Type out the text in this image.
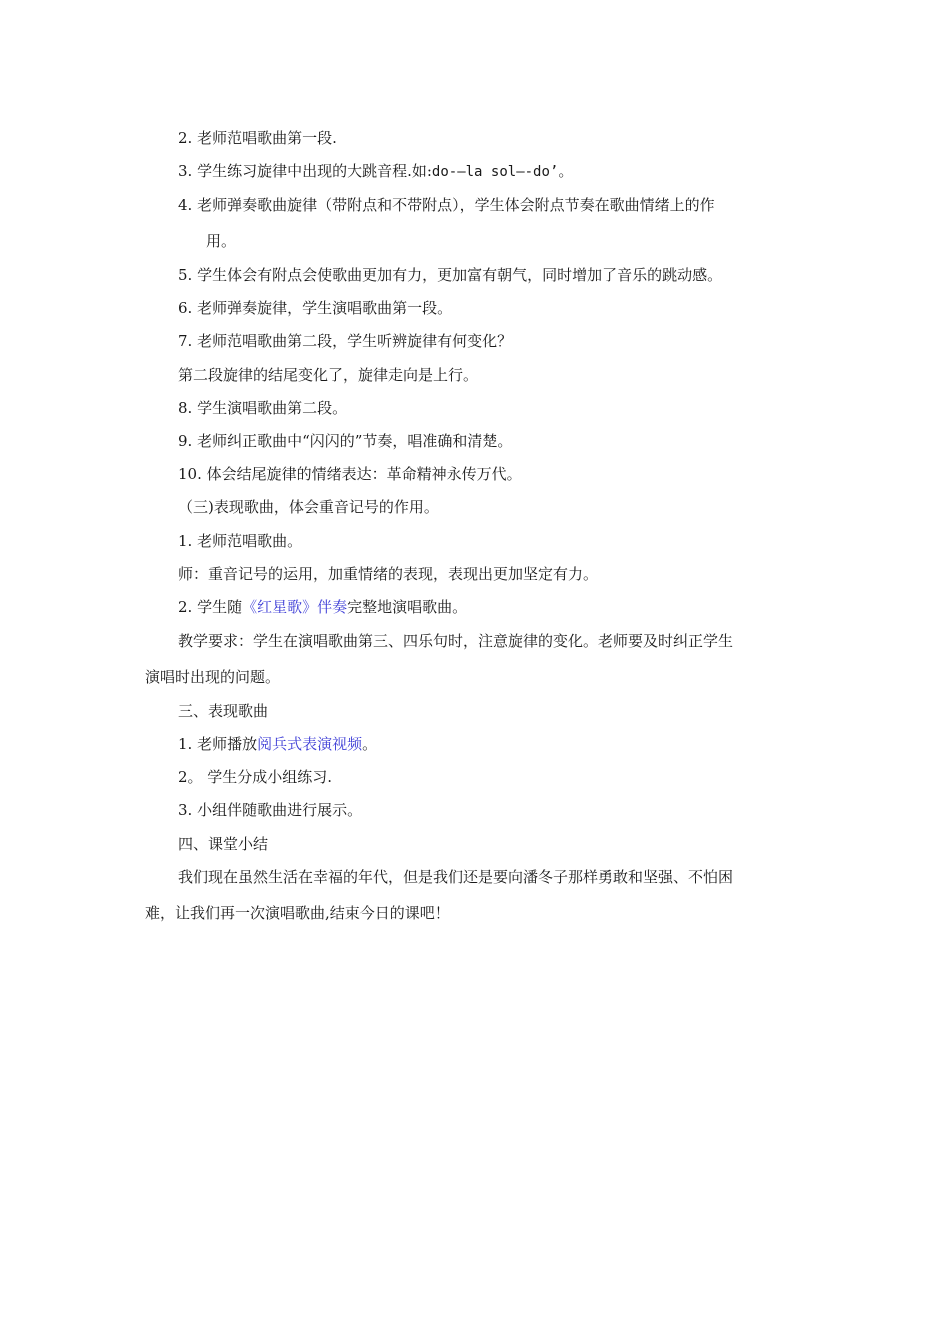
2. 老师范唱歌曲第一段.
3. 学生练习旋律中出现的大跳音程.如:do-—la sol—-do’。
4. 老师弹奏歌曲旋律（带附点和不带附点），学生体会附点节奏在歌曲情绪上的作
用。
5. 学生体会有附点会使歌曲更加有力，更加富有朝气，同时增加了音乐的跳动感。
6. 老师弹奏旋律，学生演唱歌曲第一段。
7. 老师范唱歌曲第二段，学生听辨旋律有何变化？
第二段旋律的结尾变化了，旋律走向是上行。
8. 学生演唱歌曲第二段。
9. 老师纠正歌曲中“闪闪的”节奏，唱准确和清楚。
10. 体会结尾旋律的情绪表达：革命精神永传万代。
（三)表现歌曲，体会重音记号的作用。
1. 老师范唱歌曲。
师：重音记号的运用，加重情绪的表现，表现出更加坚定有力。
2. 学生随《红星歌》伴奏完整地演唱歌曲。
教学要求：学生在演唱歌曲第三、四乐句时，注意旋律的变化。老师要及时纠正学生
演唱时出现的问题。
三、表现歌曲
1. 老师播放阅兵式表演视频。
2。 学生分成小组练习.
3. 小组伴随歌曲进行展示。
四、课堂小结
我们现在虽然生活在幸福的年代，但是我们还是要向潘冬子那样勇敢和坚强、不怕困
难，让我们再一次演唱歌曲,结束今日的课吧！
